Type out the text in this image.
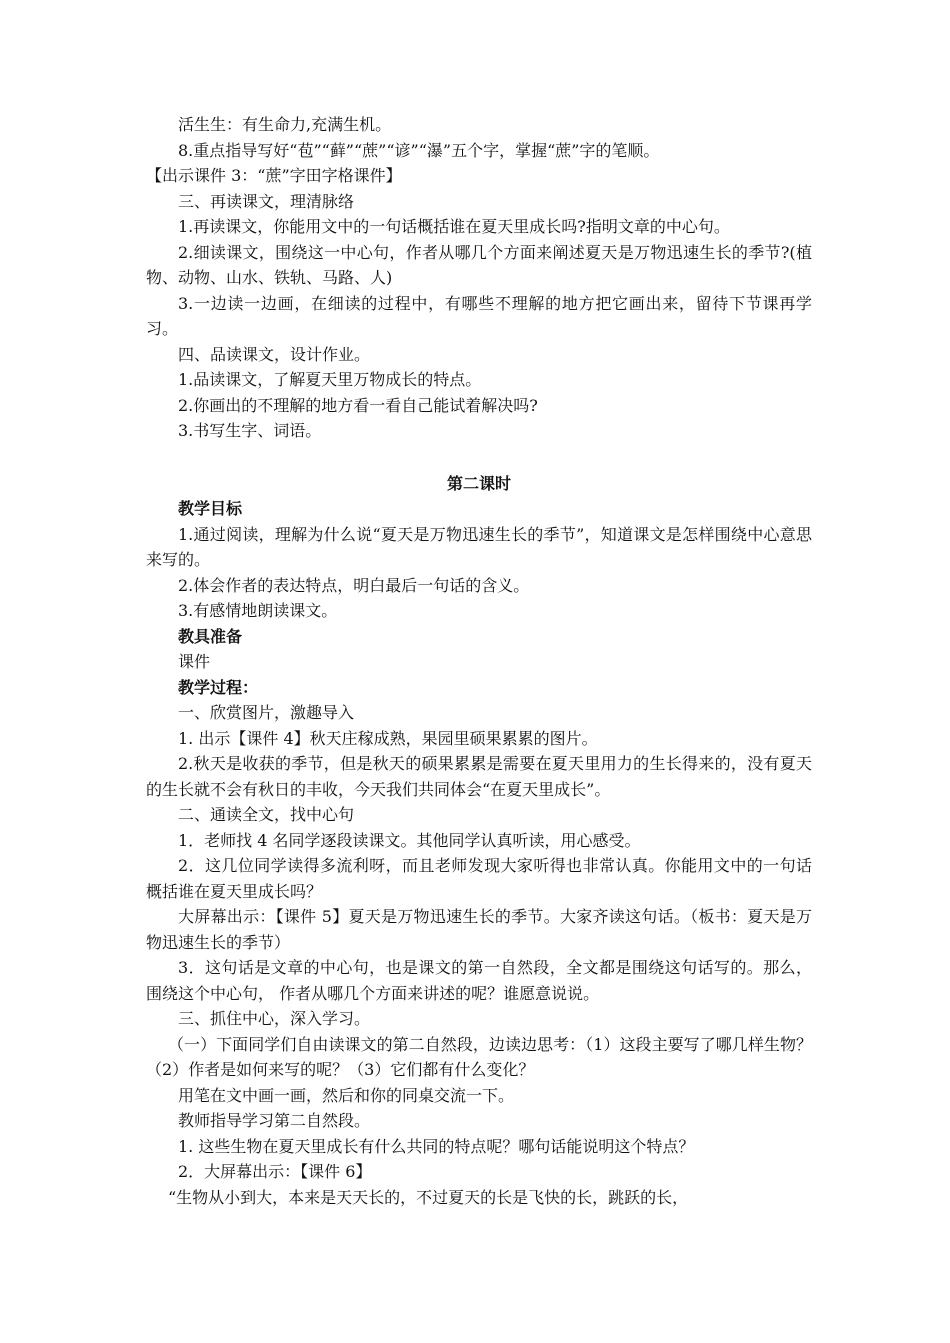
活生生：有生命力,充满生机。

8.重点指导写好“苞”“藓”“蔗”“谚”“瀑”五个字，掌握“蔗”字的笔顺。

【出示课件 3：“蔗”字田字格课件】

三、再读课文，理清脉络

1.再读课文，你能用文中的一句话概括谁在夏天里成长吗?指明文章的中心句。

2.细读课文，围绕这一中心句，作者从哪几个方面来阐述夏天是万物迅速生长的季节?(植物、动物、山水、铁轨、马路、人)

3.一边读一边画，在细读的过程中，有哪些不理解的地方把它画出来，留待下节课再学习。

四、品读课文，设计作业。

1.品读课文，了解夏天里万物成长的特点。

2.你画出的不理解的地方看一看自己能试着解决吗?

3.书写生字、词语。

第二课时

教学目标

1.通过阅读，理解为什么说“夏天是万物迅速生长的季节”，知道课文是怎样围绕中心意思来写的。

2.体会作者的表达特点，明白最后一句话的含义。

3.有感情地朗读课文。

教具准备

课件

教学过程：

一、欣赏图片，激趣导入

1. 出示【课件 4】秋天庄稼成熟，果园里硕果累累的图片。

2.秋天是收获的季节，但是秋天的硕果累累是需要在夏天里用力的生长得来的，没有夏天的生长就不会有秋日的丰收，今天我们共同体会“在夏天里成长”。

二、通读全文，找中心句

1．老师找 4 名同学逐段读课文。其他同学认真听读，用心感受。

2．这几位同学读得多流利呀，而且老师发现大家听得也非常认真。你能用文中的一句话概括谁在夏天里成长吗？

大屏幕出示：【课件 5】夏天是万物迅速生长的季节。大家齐读这句话。（板书：夏天是万物迅速生长的季节）

3．这句话是文章的中心句，也是课文的第一自然段，全文都是围绕这句话写的。那么，围绕这个中心句， 作者从哪几个方面来讲述的呢？谁愿意说说。

三、抓住中心，深入学习。

（一）下面同学们自由读课文的第二自然段，边读边思考：（1）这段主要写了哪几样生物？（2）作者是如何来写的呢？（3）它们都有什么变化？

用笔在文中画一画，然后和你的同桌交流一下。

教师指导学习第二自然段。

1. 这些生物在夏天里成长有什么共同的特点呢？哪句话能说明这个特点？

2．大屏幕出示：【课件 6】

“生物从小到大，本来是天天长的，不过夏天的长是飞快的长，跳跃的长，
